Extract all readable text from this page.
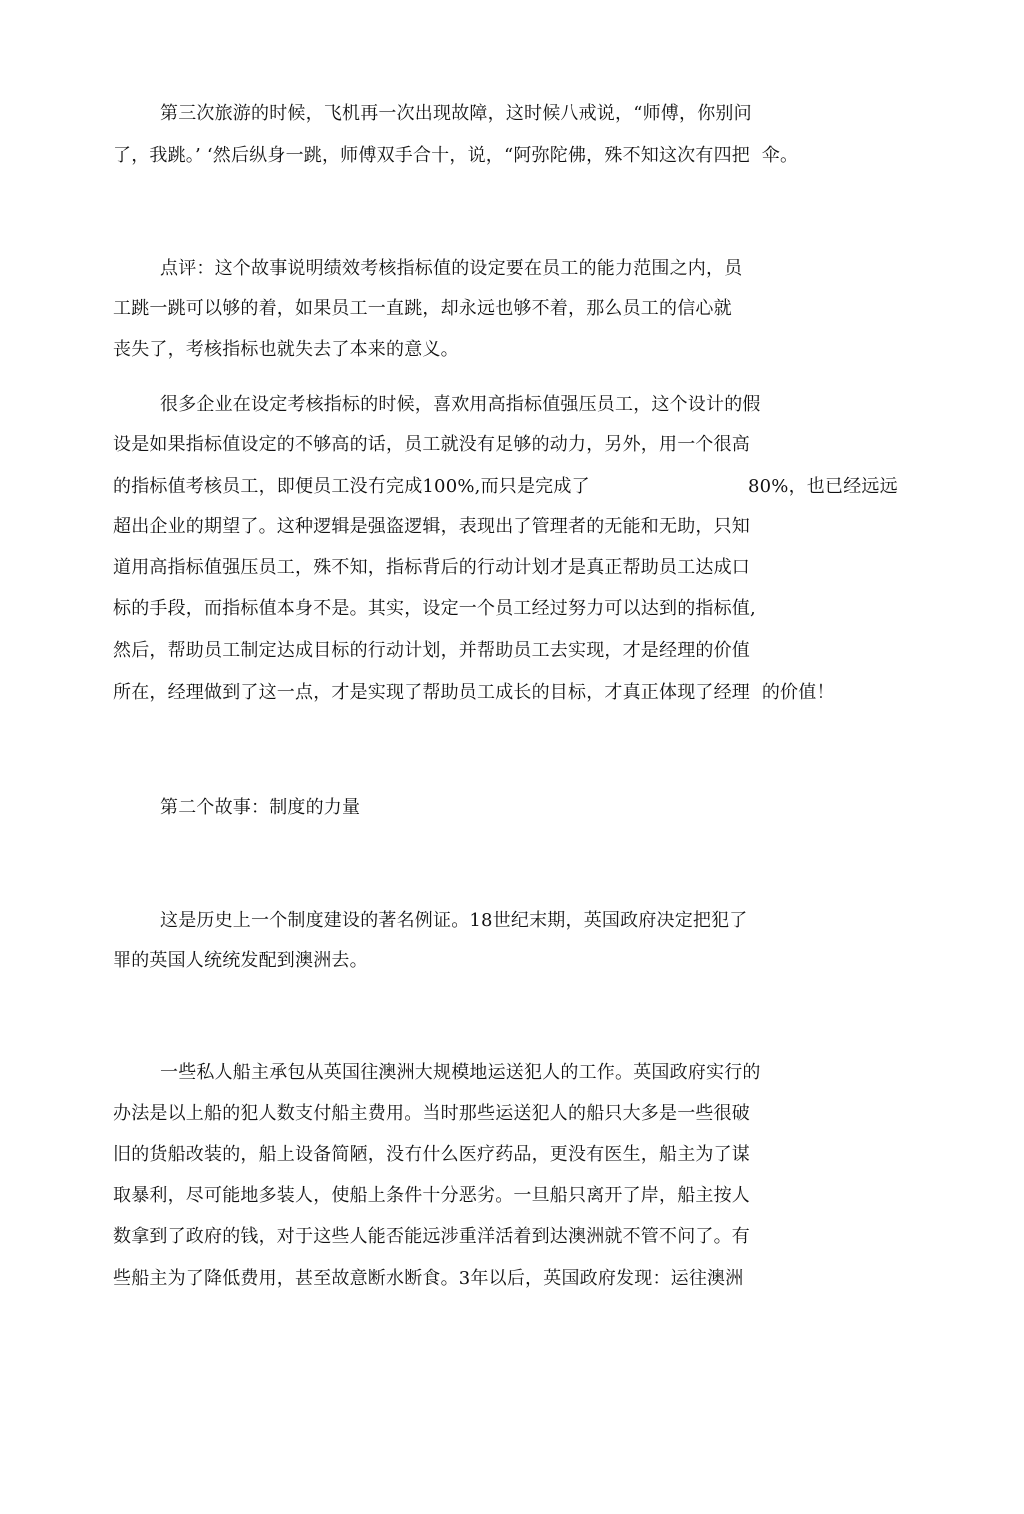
第三次旅游的时候，飞机再一次出现故障，这时候八戒说，“师傅，你别问
了，我跳。’ ‘然后纵身一跳，师傅双手合十，说，“阿弥陀佛，殊不知这次有四把  伞。
点评：这个故事说明绩效考核指标值的设定要在员工的能力范围之内，员
工跳一跳可以够的着，如果员工一直跳，却永远也够不着，那么员工的信心就
丧失了，考核指标也就失去了本来的意义。
很多企业在设定考核指标的时候，喜欢用高指标值强压员工，这个设计的假
设是如果指标值设定的不够高的话，员工就没有足够的动力，另外，用一个很高
的指标值考核员工，即便员工没冇完成100%,而只是完成了	80%，也已经远远
超出企业的期望了。这种逻辑是强盗逻辑，表现出了管理者的无能和无助，只知
道用高指标值强压员工，殊不知，指标背后的行动计划才是真正帮助员工达成口
标的手段，而指标值本身不是。其实，设定一个员工经过努力可以达到的指标值,
然后，帮助员工制定达成目标的行动计划，并帮助员工去实现，才是经理的价值
所在，经理做到了这一点，才是实现了帮助员工成长的目标，才真正体现了经理  的价值！
第二个故事：制度的力量
这是历史上一个制度建设的著名例证。18世纪末期，英国政府决定把犯了
罪的英国人统统发配到澳洲去。
一些私人船主承包从英国往澳洲大规模地运送犯人的工作。英国政府实行的
办法是以上船的犯人数支付船主费用。当时那些运送犯人的船只大多是一些很破
旧的货船改装的，船上设备简陋，没冇什么医疗药品，更没有医生，船主为了谋
取暴利，尽可能地多装人，使船上条件十分恶劣。一旦船只离开了岸，船主按人
数拿到了政府的钱，对于这些人能否能远涉重洋活着到达澳洲就不管不问了。有
些船主为了降低费用，甚至故意断水断食。3年以后，英国政府发现：运往澳洲
